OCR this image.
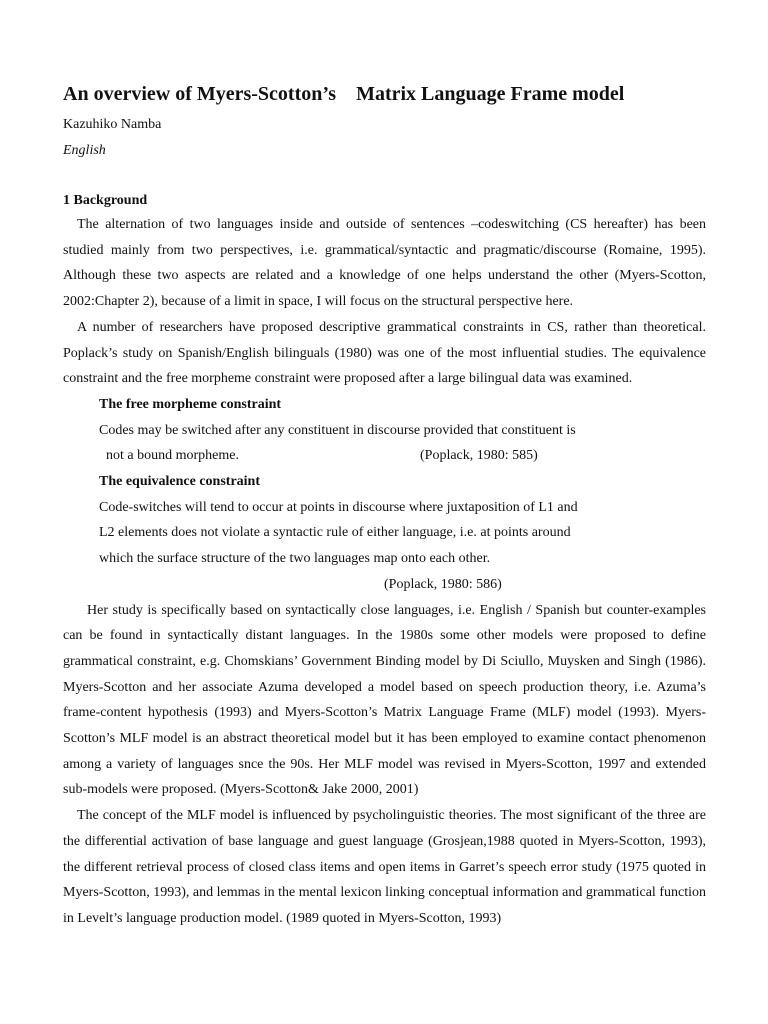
An overview of Myers-Scotton’s    Matrix Language Frame model
Kazuhiko Namba
English
1 Background

The alternation of two languages inside and outside of sentences –codeswitching (CS hereafter) has been studied mainly from two perspectives, i.e. grammatical/syntactic and pragmatic/discourse (Romaine, 1995). Although these two aspects are related and a knowledge of one helps understand the other (Myers-Scotton, 2002:Chapter 2), because of a limit in space, I will focus on the structural perspective here.

A number of researchers have proposed descriptive grammatical constraints in CS, rather than theoretical. Poplack’s study on Spanish/English bilinguals (1980) was one of the most influential studies. The equivalence constraint and the free morpheme constraint were proposed after a large bilingual data was examined.

The free morpheme constraint
Codes may be switched after any constituent in discourse provided that constituent is
not a bound morpheme.	(Poplack, 1980: 585)
The equivalence constraint
Code-switches will tend to occur at points in discourse where juxtaposition of L1 and
L2 elements does not violate a syntactic rule of either language, i.e. at points around
which the surface structure of the two languages map onto each other.
(Poplack, 1980: 586)

Her study is specifically based on syntactically close languages, i.e. English / Spanish but counter-examples can be found in syntactically distant languages. In the 1980s some other models were proposed to define grammatical constraint, e.g. Chomskians’ Government Binding model by Di Sciullo, Muysken and Singh (1986). Myers-Scotton and her associate Azuma developed a model based on speech production theory, i.e. Azuma’s frame-content hypothesis (1993) and Myers-Scotton’s Matrix Language Frame (MLF) model (1993). Myers-Scotton’s MLF model is an abstract theoretical model but it has been employed to examine contact phenomenon among a variety of languages snce the 90s. Her MLF model was revised in Myers-Scotton, 1997 and extended sub-models were proposed. (Myers-Scotton& Jake 2000, 2001)

The concept of the MLF model is influenced by psycholinguistic theories. The most significant of the three are the differential activation of base language and guest language (Grosjean,1988 quoted in Myers-Scotton, 1993), the different retrieval process of closed class items and open items in Garret’s speech error study (1975 quoted in Myers-Scotton, 1993), and lemmas in the mental lexicon linking conceptual information and grammatical function in Levelt’s language production model. (1989 quoted in Myers-Scotton, 1993)
